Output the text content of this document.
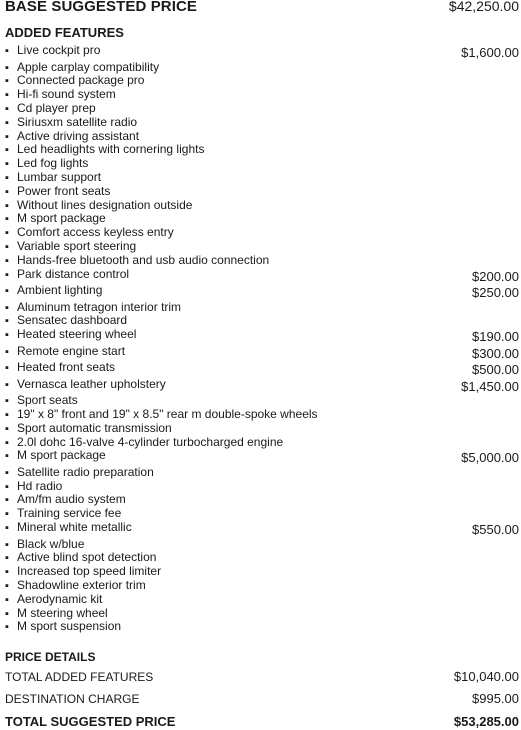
BASE SUGGESTED PRICE	$42,250.00
ADDED FEATURES
▪ Live cockpit pro	$1,600.00
▪ Apple carplay compatibility
▪ Connected package pro
▪ Hi-fi sound system
▪ Cd player prep
▪ Siriusxm satellite radio
▪ Active driving assistant
▪ Led headlights with cornering lights
▪ Led fog lights
▪ Lumbar support
▪ Power front seats
▪ Without lines designation outside
▪ M sport package
▪ Comfort access keyless entry
▪ Variable sport steering
▪ Hands-free bluetooth and usb audio connection
▪ Park distance control	$200.00
▪ Ambient lighting	$250.00
▪ Aluminum tetragon interior trim
▪ Sensatec dashboard
▪ Heated steering wheel	$190.00
▪ Remote engine start	$300.00
▪ Heated front seats	$500.00
▪ Vernasca leather upholstery	$1,450.00
▪ Sport seats
▪ 19" x 8" front and 19" x 8.5" rear m double-spoke wheels
▪ Sport automatic transmission
▪ 2.0l dohc 16-valve 4-cylinder turbocharged engine
▪ M sport package	$5,000.00
▪ Satellite radio preparation
▪ Hd radio
▪ Am/fm audio system
▪ Training service fee
▪ Mineral white metallic	$550.00
▪ Black w/blue
▪ Active blind spot detection
▪ Increased top speed limiter
▪ Shadowline exterior trim
▪ Aerodynamic kit
▪ M steering wheel
▪ M sport suspension
PRICE DETAILS
TOTAL ADDED FEATURES	$10,040.00
DESTINATION CHARGE	$995.00
TOTAL SUGGESTED PRICE	$53,285.00
